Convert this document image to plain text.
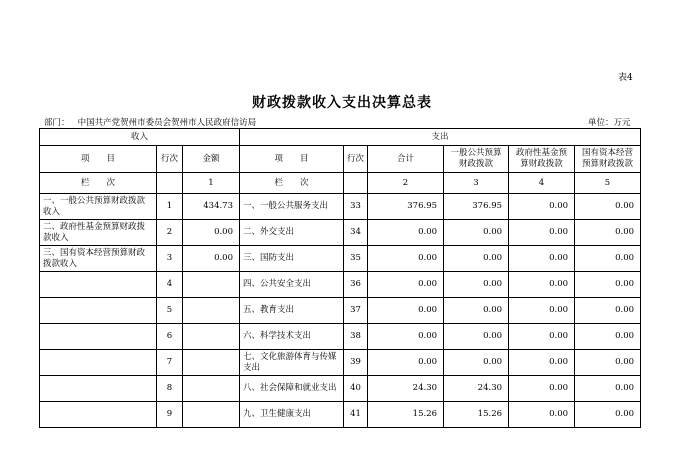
表4
财政拨款收入支出决算总表
部门： 中国共产党贺州市委员会贺州市人民政府信访局	单位：万元
收入			支出					
项　　目	行次	金额	项　　目	行次	合计	一般公共预算财政拨款	政府性基金预算财政拨款	国有资本经营预算财政拨款
栏　　次		1	栏　　次		2	3	4	5
一、一般公共预算财政拨款收入	1	434.73	一、一般公共服务支出	33	376.95	376.95	0.00	0.00
二、政府性基金预算财政拨款收入	2	0.00	二、外交支出	34	0.00	0.00	0.00	0.00
三、国有资本经营预算财政拨款收入	3	0.00	三、国防支出	35	0.00	0.00	0.00	0.00
	4		四、公共安全支出	36	0.00	0.00	0.00	0.00
	5		五、教育支出	37	0.00	0.00	0.00	0.00
	6		六、科学技术支出	38	0.00	0.00	0.00	0.00
	7		七、文化旅游体育与传媒支出	39	0.00	0.00	0.00	0.00
	8		八、社会保障和就业支出	40	24.30	24.30	0.00	0.00
	9		九、卫生健康支出	41	15.26	15.26	0.00	0.00
